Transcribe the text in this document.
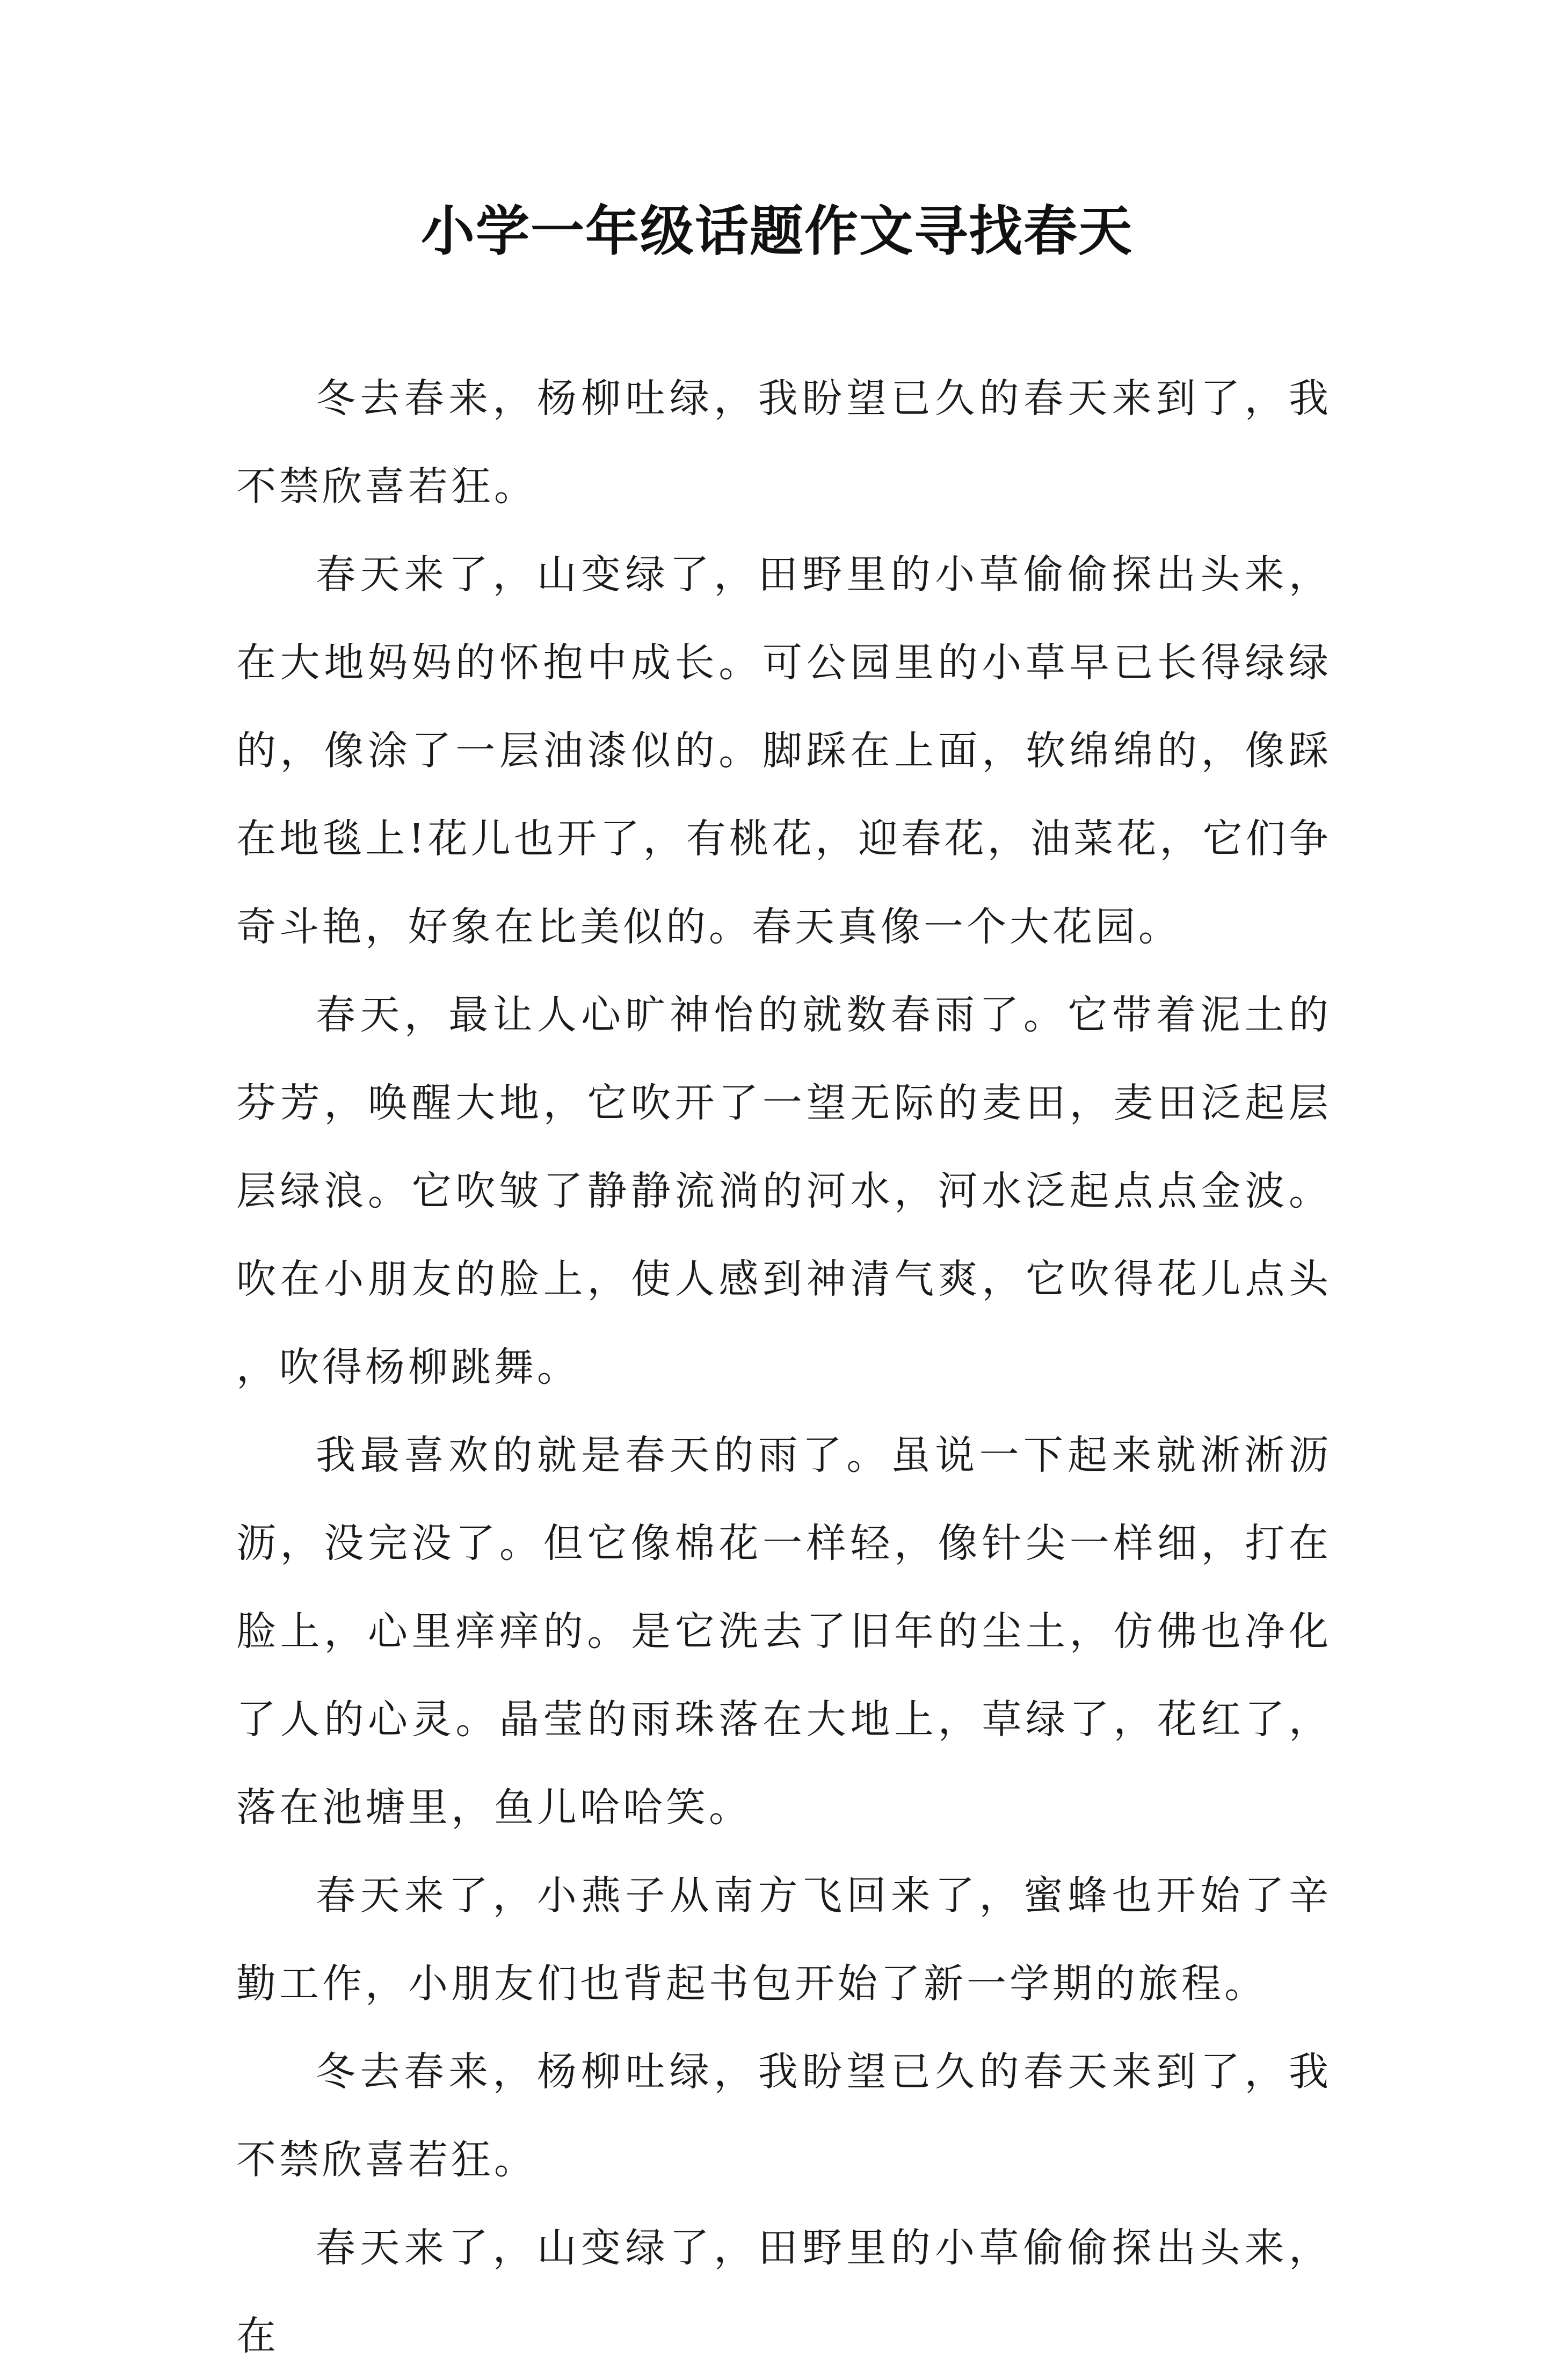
小学一年级话题作文寻找春天

冬去春来，杨柳吐绿，我盼望已久的春天来到了，我不禁欣喜若狂。

春天来了，山变绿了，田野里的小草偷偷探出头来，在大地妈妈的怀抱中成长。可公园里的小草早已长得绿绿的，像涂了一层油漆似的。脚踩在上面，软绵绵的，像踩在地毯上!花儿也开了，有桃花，迎春花，油菜花，它们争奇斗艳，好象在比美似的。春天真像一个大花园。

春天，最让人心旷神怡的就数春雨了。它带着泥土的芬芳，唤醒大地，它吹开了一望无际的麦田，麦田泛起层层绿浪。它吹皱了静静流淌的河水，河水泛起点点金波。吹在小朋友的脸上，使人感到神清气爽，它吹得花儿点头，吹得杨柳跳舞。

我最喜欢的就是春天的雨了。虽说一下起来就淅淅沥沥，没完没了。但它像棉花一样轻，像针尖一样细，打在脸上，心里痒痒的。是它洗去了旧年的尘土，仿佛也净化了人的心灵。晶莹的雨珠落在大地上，草绿了，花红了，落在池塘里，鱼儿哈哈笑。

春天来了，小燕子从南方飞回来了，蜜蜂也开始了辛勤工作，小朋友们也背起书包开始了新一学期的旅程。

冬去春来，杨柳吐绿，我盼望已久的春天来到了，我不禁欣喜若狂。

春天来了，山变绿了，田野里的小草偷偷探出头来，在
